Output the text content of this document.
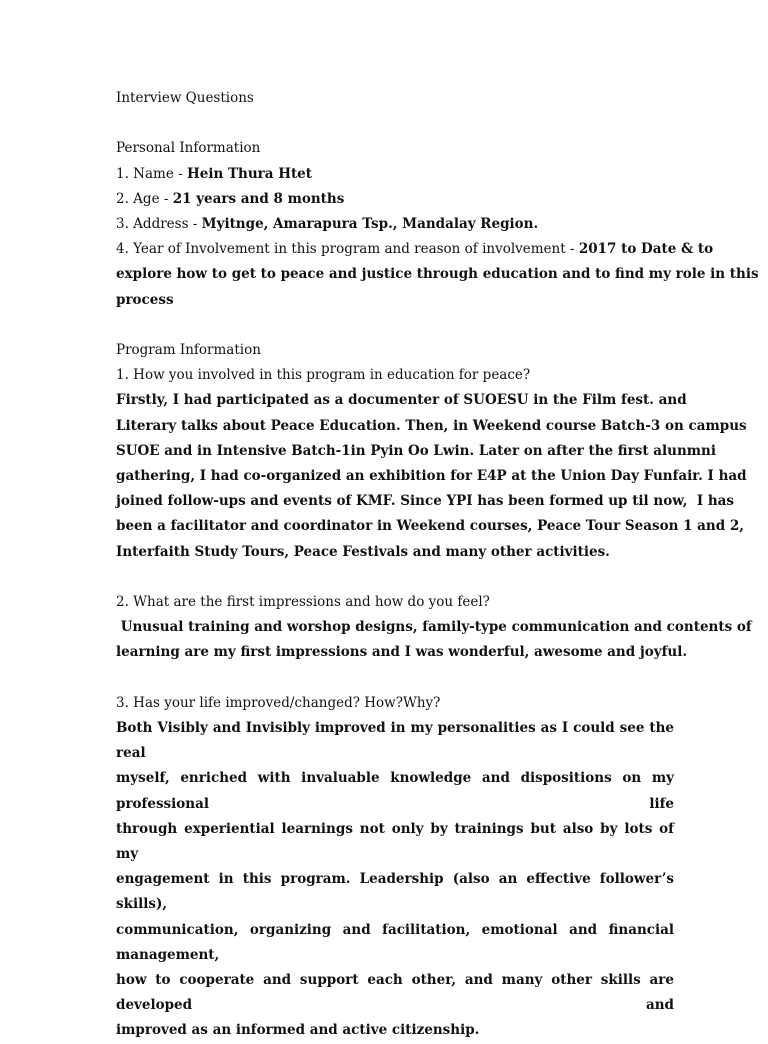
Interview Questions

Personal Information

1. Name - Hein Thura Htet

2. Age - 21 years and 8 months

3. Address - Myitnge, Amarapura Tsp., Mandalay Region.

4. Year of Involvement in this program and reason of involvement - 2017 to Date & to

explore how to get to peace and justice through education and to find my role in this

process

Program Information

1. How you involved in this program in education for peace?

Firstly, I had participated as a documenter of SUOESU in the Film fest. and

Literary talks about Peace Education. Then, in Weekend course Batch-3 on campus

SUOE and in Intensive Batch-1in Pyin Oo Lwin. Later on after the first alunmni

gathering, I had co-organized an exhibition for E4P at the Union Day Funfair. I had

joined follow-ups and events of KMF. Since YPI has been formed up til now,  I has

been a facilitator and coordinator in Weekend courses, Peace Tour Season 1 and 2,

Interfaith Study Tours, Peace Festivals and many other activities.

2. What are the first impressions and how do you feel?

Unusual training and worshop designs, family-type communication and contents of

learning are my first impressions and I was wonderful, awesome and joyful.

3. Has your life improved/changed? How?Why?

Both Visibly and Invisibly improved in my personalities as I could see the real

myself, enriched with invaluable knowledge and dispositions on my professional life

through experiential learnings not only by trainings but also by lots of my

engagement in this program. Leadership (also an effective follower’s skills),

communication, organizing and facilitation, emotional and financial management,

how to cooperate and support each other, and many other skills are developed and

improved as an informed and active citizenship.
